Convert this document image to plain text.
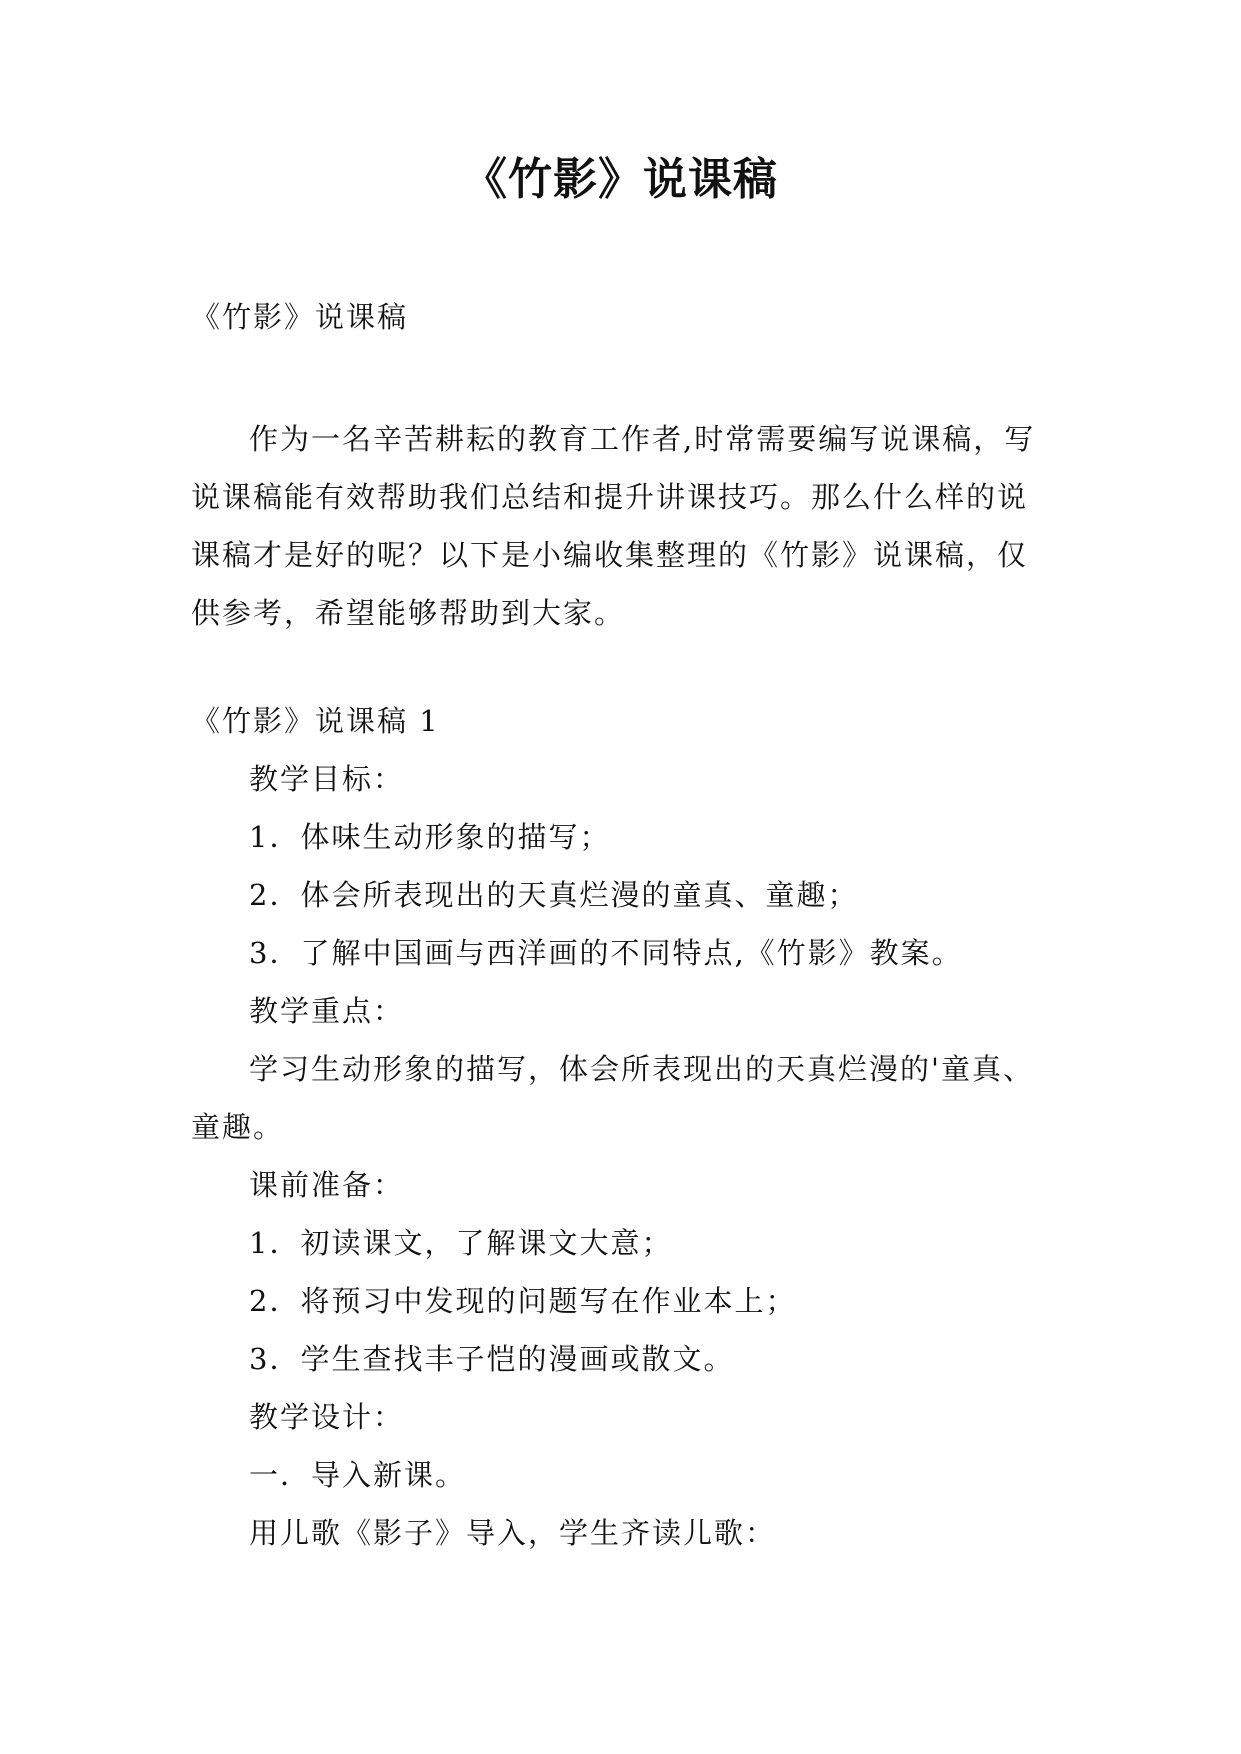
《竹影》说课稿

《竹影》说课稿

作为一名辛苦耕耘的教育工作者,时常需要编写说课稿，写说课稿能有效帮助我们总结和提升讲课技巧。那么什么样的说课稿才是好的呢？以下是小编收集整理的《竹影》说课稿，仅供参考，希望能够帮助到大家。

《竹影》说课稿 1

教学目标：

1．体味生动形象的描写；

2．体会所表现出的天真烂漫的童真、童趣；

3．了解中国画与西洋画的不同特点,《竹影》教案。

教学重点：

学习生动形象的描写，体会所表现出的天真烂漫的'童真、童趣。

课前准备：

1．初读课文，了解课文大意；

2．将预习中发现的问题写在作业本上；

3．学生查找丰子恺的漫画或散文。

教学设计：

一．导入新课。

用儿歌《影子》导入，学生齐读儿歌：
